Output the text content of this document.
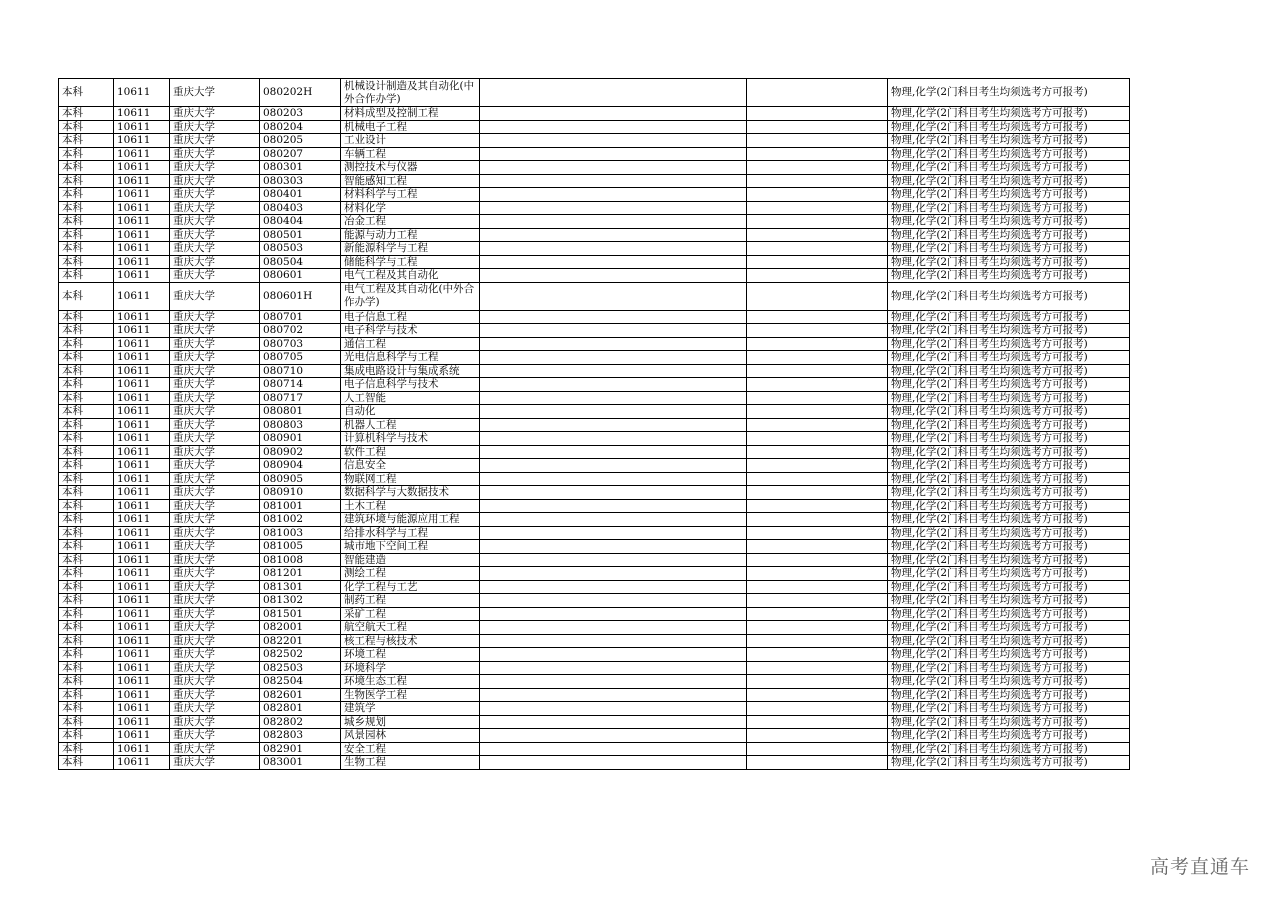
本科	10611	重庆大学	080202H	机械设计制造及其自动化(中外合作办学)			物理,化学(2门科目考生均须选考方可报考)
本科	10611	重庆大学	080203	材料成型及控制工程			物理,化学(2门科目考生均须选考方可报考)
本科	10611	重庆大学	080204	机械电子工程			物理,化学(2门科目考生均须选考方可报考)
本科	10611	重庆大学	080205	工业设计			物理,化学(2门科目考生均须选考方可报考)
本科	10611	重庆大学	080207	车辆工程			物理,化学(2门科目考生均须选考方可报考)
本科	10611	重庆大学	080301	测控技术与仪器			物理,化学(2门科目考生均须选考方可报考)
本科	10611	重庆大学	080303	智能感知工程			物理,化学(2门科目考生均须选考方可报考)
本科	10611	重庆大学	080401	材料科学与工程			物理,化学(2门科目考生均须选考方可报考)
本科	10611	重庆大学	080403	材料化学			物理,化学(2门科目考生均须选考方可报考)
本科	10611	重庆大学	080404	冶金工程			物理,化学(2门科目考生均须选考方可报考)
本科	10611	重庆大学	080501	能源与动力工程			物理,化学(2门科目考生均须选考方可报考)
本科	10611	重庆大学	080503	新能源科学与工程			物理,化学(2门科目考生均须选考方可报考)
本科	10611	重庆大学	080504	储能科学与工程			物理,化学(2门科目考生均须选考方可报考)
本科	10611	重庆大学	080601	电气工程及其自动化			物理,化学(2门科目考生均须选考方可报考)
本科	10611	重庆大学	080601H	电气工程及其自动化(中外合作办学)			物理,化学(2门科目考生均须选考方可报考)
本科	10611	重庆大学	080701	电子信息工程			物理,化学(2门科目考生均须选考方可报考)
本科	10611	重庆大学	080702	电子科学与技术			物理,化学(2门科目考生均须选考方可报考)
本科	10611	重庆大学	080703	通信工程			物理,化学(2门科目考生均须选考方可报考)
本科	10611	重庆大学	080705	光电信息科学与工程			物理,化学(2门科目考生均须选考方可报考)
本科	10611	重庆大学	080710	集成电路设计与集成系统			物理,化学(2门科目考生均须选考方可报考)
本科	10611	重庆大学	080714	电子信息科学与技术			物理,化学(2门科目考生均须选考方可报考)
本科	10611	重庆大学	080717	人工智能			物理,化学(2门科目考生均须选考方可报考)
本科	10611	重庆大学	080801	自动化			物理,化学(2门科目考生均须选考方可报考)
本科	10611	重庆大学	080803	机器人工程			物理,化学(2门科目考生均须选考方可报考)
本科	10611	重庆大学	080901	计算机科学与技术			物理,化学(2门科目考生均须选考方可报考)
本科	10611	重庆大学	080902	软件工程			物理,化学(2门科目考生均须选考方可报考)
本科	10611	重庆大学	080904	信息安全			物理,化学(2门科目考生均须选考方可报考)
本科	10611	重庆大学	080905	物联网工程			物理,化学(2门科目考生均须选考方可报考)
本科	10611	重庆大学	080910	数据科学与大数据技术			物理,化学(2门科目考生均须选考方可报考)
本科	10611	重庆大学	081001	土木工程			物理,化学(2门科目考生均须选考方可报考)
本科	10611	重庆大学	081002	建筑环境与能源应用工程			物理,化学(2门科目考生均须选考方可报考)
本科	10611	重庆大学	081003	给排水科学与工程			物理,化学(2门科目考生均须选考方可报考)
本科	10611	重庆大学	081005	城市地下空间工程			物理,化学(2门科目考生均须选考方可报考)
本科	10611	重庆大学	081008	智能建造			物理,化学(2门科目考生均须选考方可报考)
本科	10611	重庆大学	081201	测绘工程			物理,化学(2门科目考生均须选考方可报考)
本科	10611	重庆大学	081301	化学工程与工艺			物理,化学(2门科目考生均须选考方可报考)
本科	10611	重庆大学	081302	制药工程			物理,化学(2门科目考生均须选考方可报考)
本科	10611	重庆大学	081501	采矿工程			物理,化学(2门科目考生均须选考方可报考)
本科	10611	重庆大学	082001	航空航天工程			物理,化学(2门科目考生均须选考方可报考)
本科	10611	重庆大学	082201	核工程与核技术			物理,化学(2门科目考生均须选考方可报考)
本科	10611	重庆大学	082502	环境工程			物理,化学(2门科目考生均须选考方可报考)
本科	10611	重庆大学	082503	环境科学			物理,化学(2门科目考生均须选考方可报考)
本科	10611	重庆大学	082504	环境生态工程			物理,化学(2门科目考生均须选考方可报考)
本科	10611	重庆大学	082601	生物医学工程			物理,化学(2门科目考生均须选考方可报考)
本科	10611	重庆大学	082801	建筑学			物理,化学(2门科目考生均须选考方可报考)
本科	10611	重庆大学	082802	城乡规划			物理,化学(2门科目考生均须选考方可报考)
本科	10611	重庆大学	082803	风景园林			物理,化学(2门科目考生均须选考方可报考)
本科	10611	重庆大学	082901	安全工程			物理,化学(2门科目考生均须选考方可报考)
本科	10611	重庆大学	083001	生物工程			物理,化学(2门科目考生均须选考方可报考)
高考直通车
